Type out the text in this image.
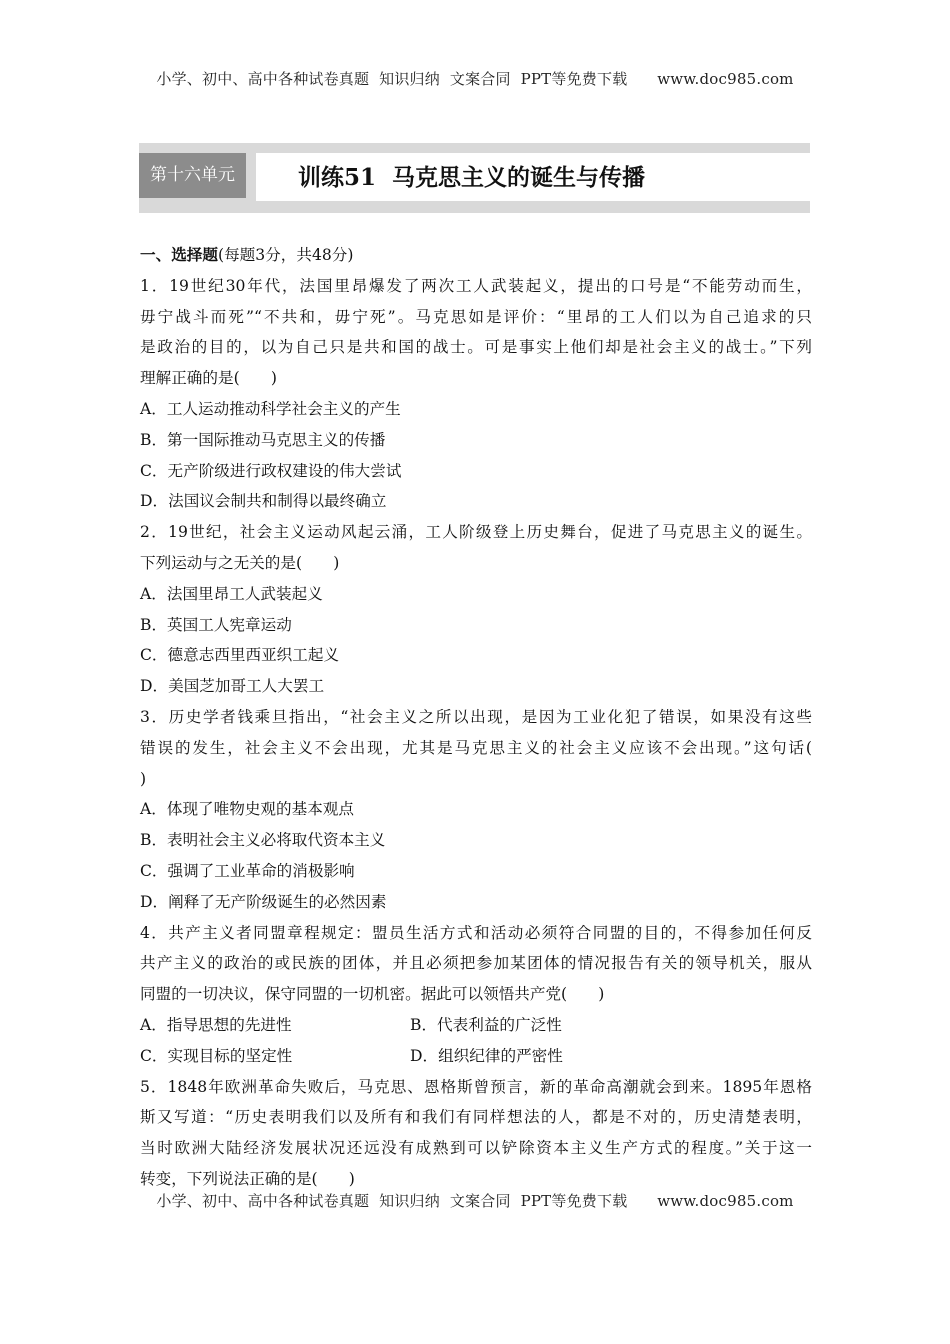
小学、初中、高中各种试卷真题  知识归纳  文案合同  PPT等免费下载      www.doc985.com
第十六单元	训练51  马克思主义的诞生与传播
一、选择题(每题3分，共48分)
1．19世纪30年代，法国里昂爆发了两次工人武装起义，提出的口号是“不能劳动而生，
毋宁战斗而死”“不共和，毋宁死”。马克思如是评价：“里昂的工人们以为自己追求的只
是政治的目的，以为自己只是共和国的战士。可是事实上他们却是社会主义的战士。”下列
理解正确的是(　　)
A．工人运动推动科学社会主义的产生
B．第一国际推动马克思主义的传播
C．无产阶级进行政权建设的伟大尝试
D．法国议会制共和制得以最终确立
2．19世纪，社会主义运动风起云涌，工人阶级登上历史舞台，促进了马克思主义的诞生。
下列运动与之无关的是(　　)
A．法国里昂工人武装起义
B．英国工人宪章运动
C．德意志西里西亚织工起义
D．美国芝加哥工人大罢工
3．历史学者钱乘旦指出，“社会主义之所以出现，是因为工业化犯了错误，如果没有这些
错误的发生，社会主义不会出现，尤其是马克思主义的社会主义应该不会出现。”这句话(
)
A．体现了唯物史观的基本观点
B．表明社会主义必将取代资本主义
C．强调了工业革命的消极影响
D．阐释了无产阶级诞生的必然因素
4．共产主义者同盟章程规定：盟员生活方式和活动必须符合同盟的目的，不得参加任何反
共产主义的政治的或民族的团体，并且必须把参加某团体的情况报告有关的领导机关，服从
同盟的一切决议，保守同盟的一切机密。据此可以领悟共产党(　　)
A．指导思想的先进性	B．代表利益的广泛性
C．实现目标的坚定性	D．组织纪律的严密性
5．1848年欧洲革命失败后，马克思、恩格斯曾预言，新的革命高潮就会到来。1895年恩格
斯又写道：“历史表明我们以及所有和我们有同样想法的人，都是不对的，历史清楚表明，
当时欧洲大陆经济发展状况还远没有成熟到可以铲除资本主义生产方式的程度。”关于这一
转变，下列说法正确的是(　　)
小学、初中、高中各种试卷真题  知识归纳  文案合同  PPT等免费下载      www.doc985.com
